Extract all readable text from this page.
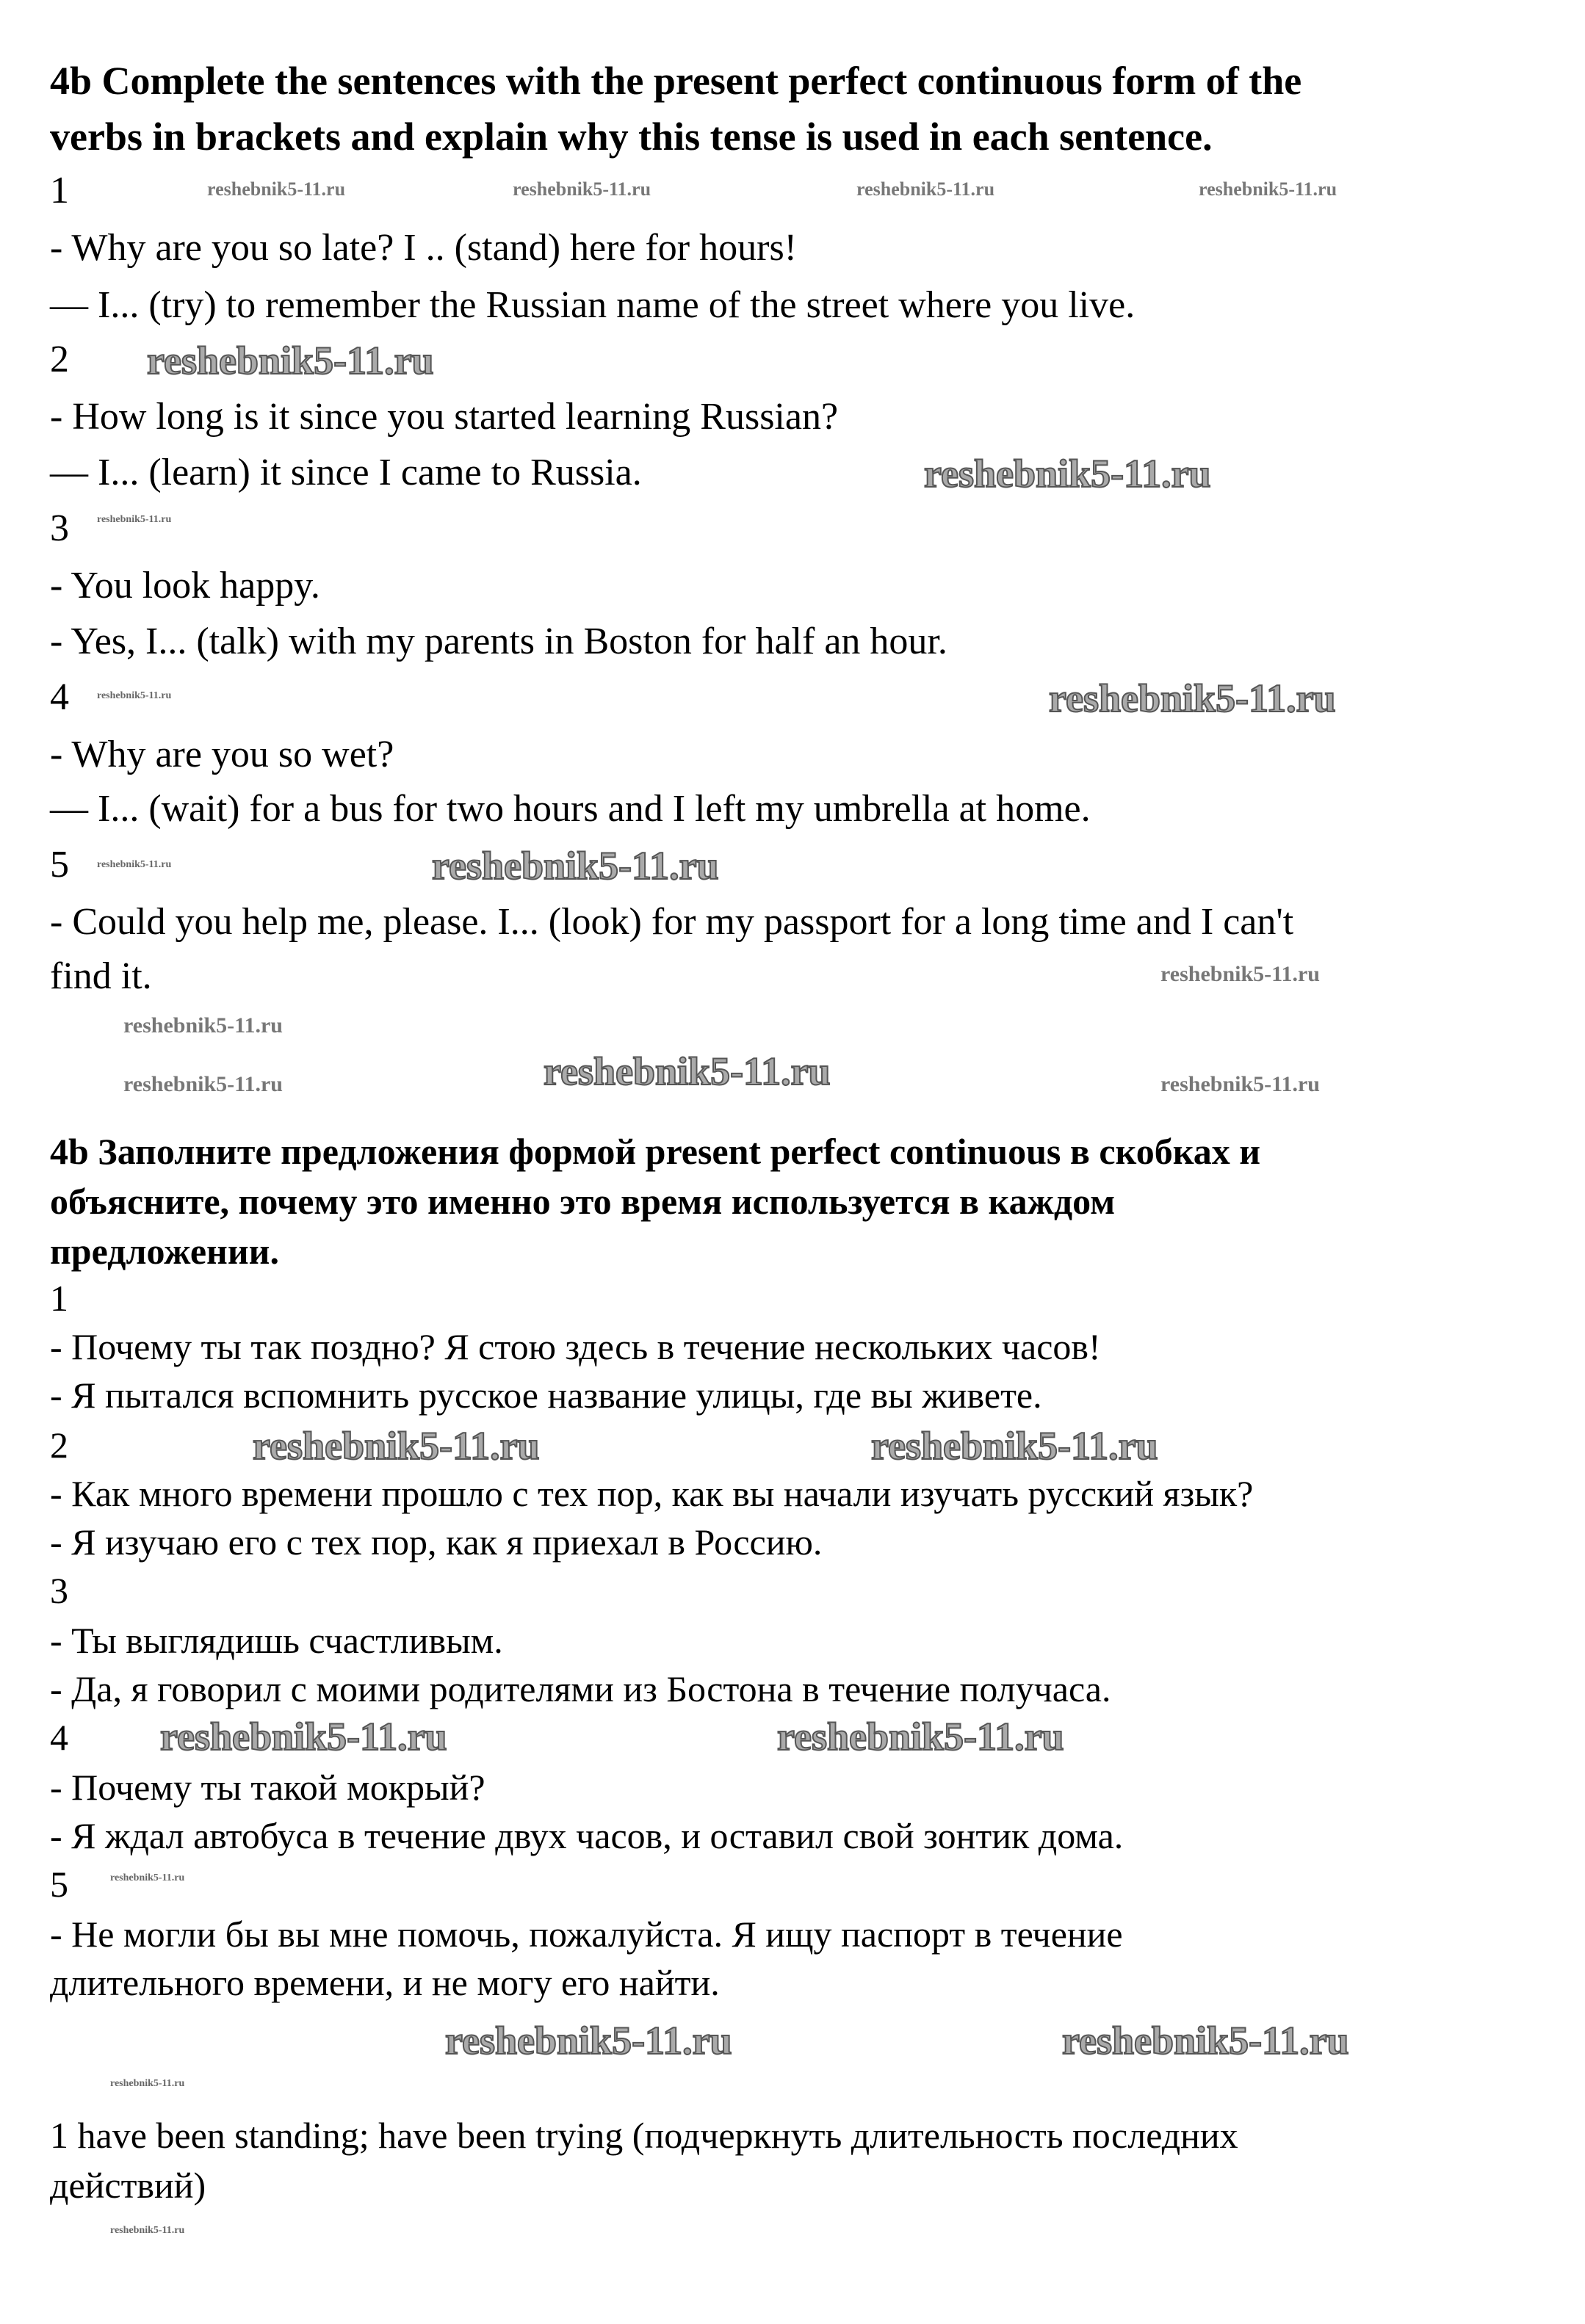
4b Complete the sentences with the present perfect continuous form of the
verbs in brackets and explain why this tense is used in each sentence.
1
- Why are you so late? I .. (stand) here for hours!
— I... (try) to remember the Russian name of the street where you live.
2
- How long is it since you started learning Russian?
— I... (learn) it since I came to Russia.
3
- You look happy.
- Yes, I... (talk) with my parents in Boston for half an hour.
4
- Why are you so wet?
— I... (wait) for a bus for two hours and I left my umbrella at home.
5
- Could you help me, please. I... (look) for my passport for a long time and I can't
find it.
4b Заполните предложения формой present perfect continuous в скобках и
объясните, почему это именно это время используется в каждом
предложении.
1
- Почему ты так поздно? Я стою здесь в течение нескольких часов!
- Я пытался вспомнить русское название улицы, где вы живете.
2
- Как много времени прошло с тех пор, как вы начали изучать русский язык?
- Я изучаю его с тех пор, как я приехал в Россию.
3
- Ты выглядишь счастливым.
- Да, я говорил с моими родителями из Бостона в течение получаса.
4
- Почему ты такой мокрый?
- Я ждал автобуса в течение двух часов, и оставил свой зонтик дома.
5
- Не могли бы вы мне помочь, пожалуйста. Я ищу паспорт в течение
длительного времени, и не могу его найти.
1 have been standing; have been trying (подчеркнуть длительность последних
действий)
reshebnik5-11.ru	reshebnik5-11.ru	reshebnik5-11.ru	reshebnik5-11.ru
reshebnik5-11.ru
reshebnik5-11.ru
reshebnik5-11.ru	reshebnik5-11.ru
reshebnik5-11.ru
reshebnik5-11.ru
reshebnik5-11.ru
reshebnik5-11.ru
reshebnik5-11.ru
reshebnik5-11.ru
reshebnik5-11.ru	reshebnik5-11.ru
reshebnik5-11.ru	reshebnik5-11.ru
reshebnik5-11.ru	reshebnik5-11.ru
reshebnik5-11.ru
reshebnik5-11.ru
reshebnik5-11.ru
reshebnik5-11.ru
reshebnik5-11.ru
